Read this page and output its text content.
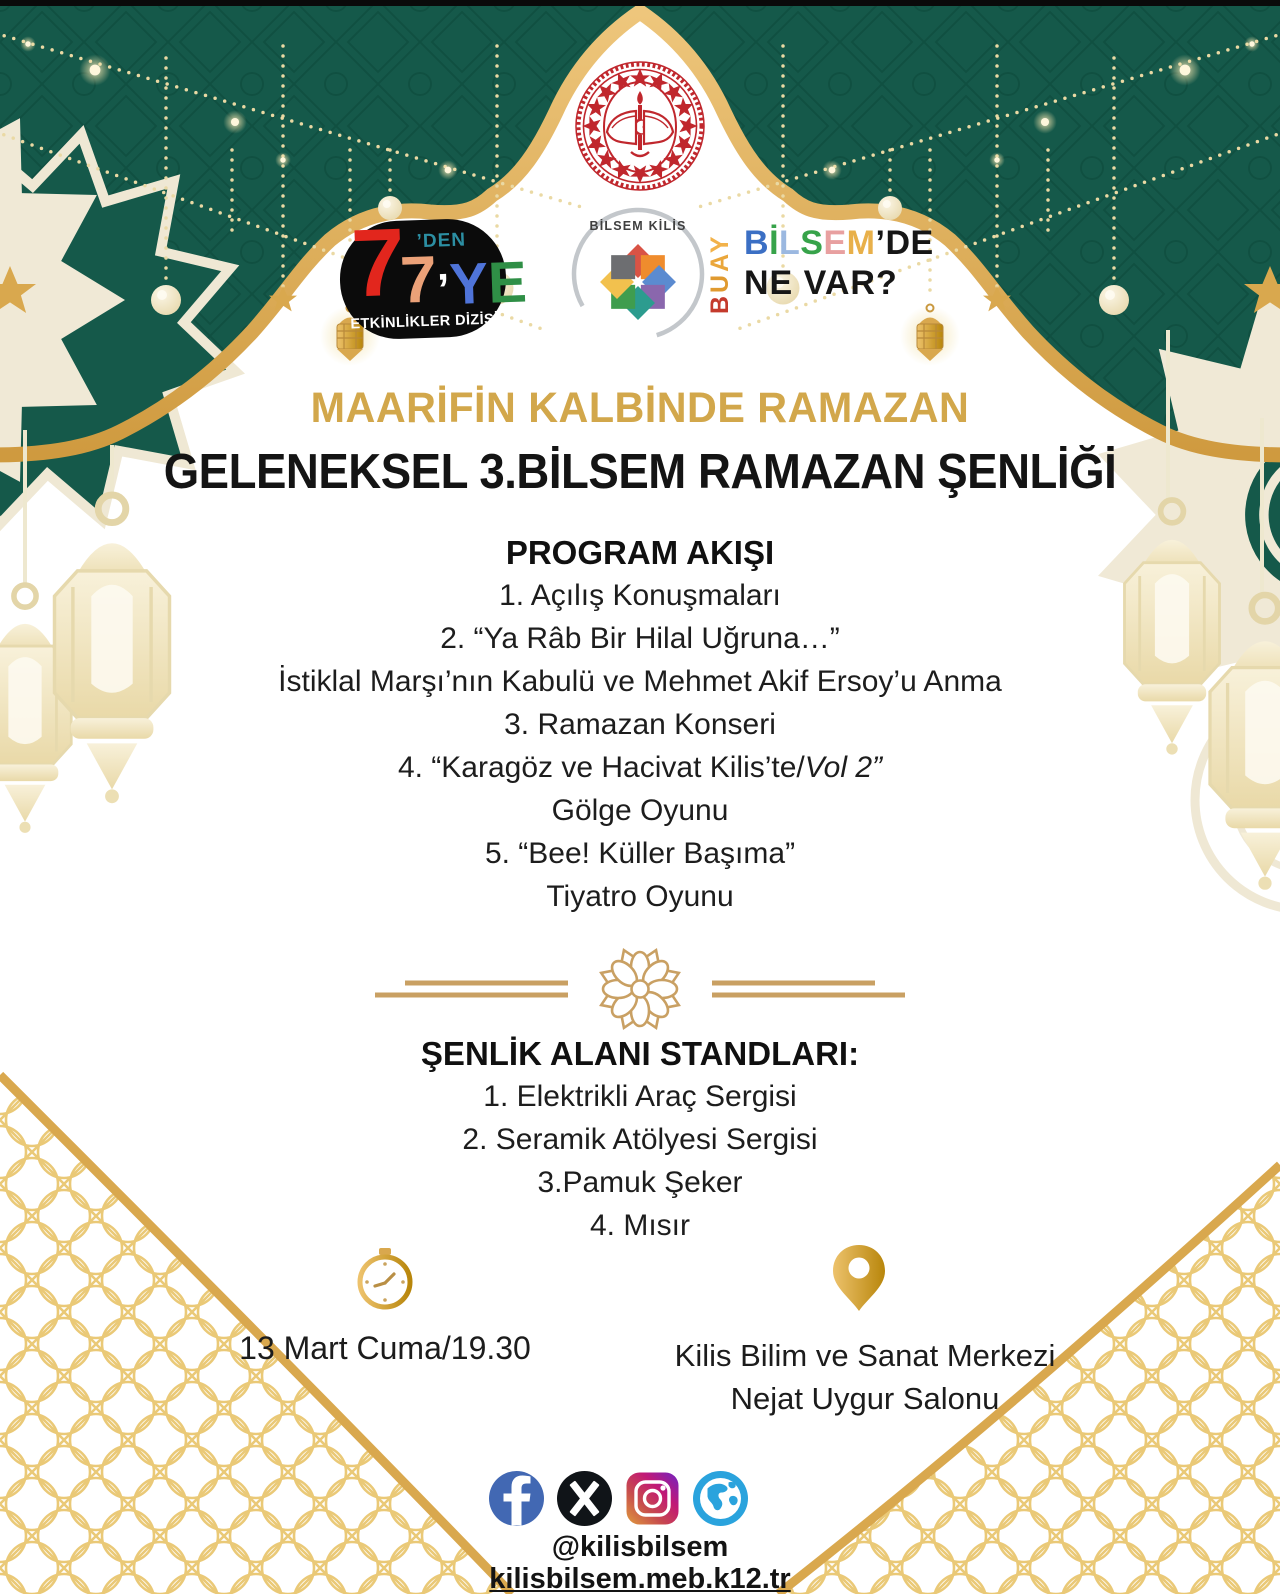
7 ’DEN
7
’YE
ETKİNLİKLER DİZİSİ
BİLSEM KİLİS
BUAY BİLSEM’DE
NE VAR?
MAARİFİN KALBİNDE RAMAZAN
GELENEKSEL 3.BİLSEM RAMAZAN ŞENLİĞİ
PROGRAM AKIŞI
1. Açılış Konuşmaları
2. “Ya Râb Bir Hilal Uğruna…”
İstiklal Marşı’nın Kabulü ve Mehmet Akif Ersoy’u Anma
3. Ramazan Konseri
4. “Karagöz ve Hacivat Kilis’te/Vol 2”
Gölge Oyunu
5. “Bee! Küller Başıma”
Tiyatro Oyunu
ŞENLİK ALANI STANDLARI:
1. Elektrikli Araç Sergisi
2. Seramik Atölyesi Sergisi
3.Pamuk Şeker
4. Mısır
13 Mart Cuma/19.30	Kilis Bilim ve Sanat Merkezi
Nejat Uygur Salonu
@kilisbilsem
kilisbilsem.meb.k12.tr
